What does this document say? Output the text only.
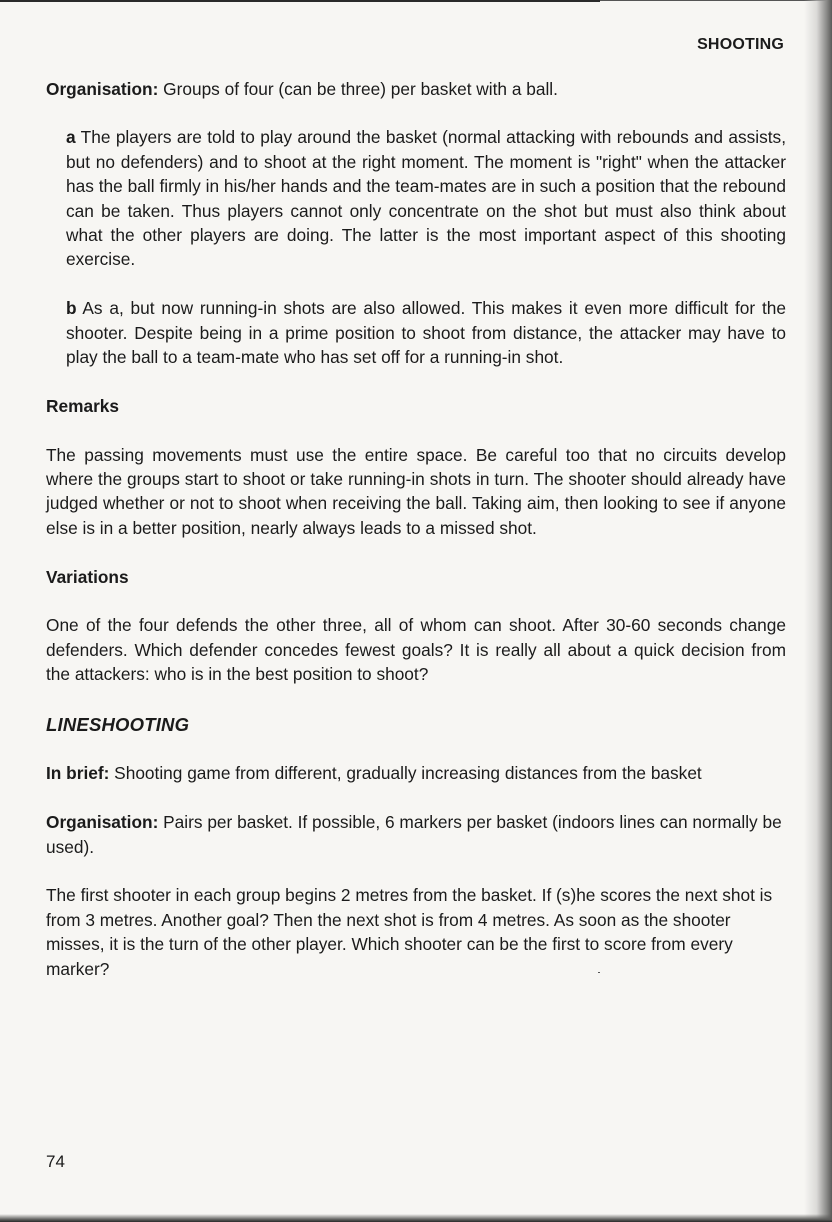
SHOOTING

Organisation: Groups of four (can be three) per basket with a ball.

a The players are told to play around the basket (normal attacking with rebounds and assists, but no defenders) and to shoot at the right moment. The moment is "right" when the attacker has the ball firmly in his/her hands and the team-mates are in such a position that the rebound can be taken. Thus players cannot only concentrate on the shot but must also think about what the other players are doing. The latter is the most important aspect of this shooting exercise.

b As a, but now running-in shots are also allowed. This makes it even more difficult for the shooter. Despite being in a prime position to shoot from distance, the attacker may have to play the ball to a team-mate who has set off for a running-in shot.

Remarks

The passing movements must use the entire space. Be careful too that no circuits develop where the groups start to shoot or take running-in shots in turn. The shooter should already have judged whether or not to shoot when receiving the ball. Taking aim, then looking to see if anyone else is in a better position, nearly always leads to a missed shot.

Variations

One of the four defends the other three, all of whom can shoot. After 30-60 seconds change defenders. Which defender concedes fewest goals? It is really all about a quick decision from the attackers: who is in the best position to shoot?

LINESHOOTING

In brief: Shooting game from different, gradually increasing distances from the basket

Organisation: Pairs per basket. If possible, 6 markers per basket (indoors lines can normally be used).

The first shooter in each group begins 2 metres from the basket. If (s)he scores the next shot is from 3 metres. Another goal? Then the next shot is from 4 metres. As soon as the shooter misses, it is the turn of the other player. Which shooter can be the first to score from every marker?

74
